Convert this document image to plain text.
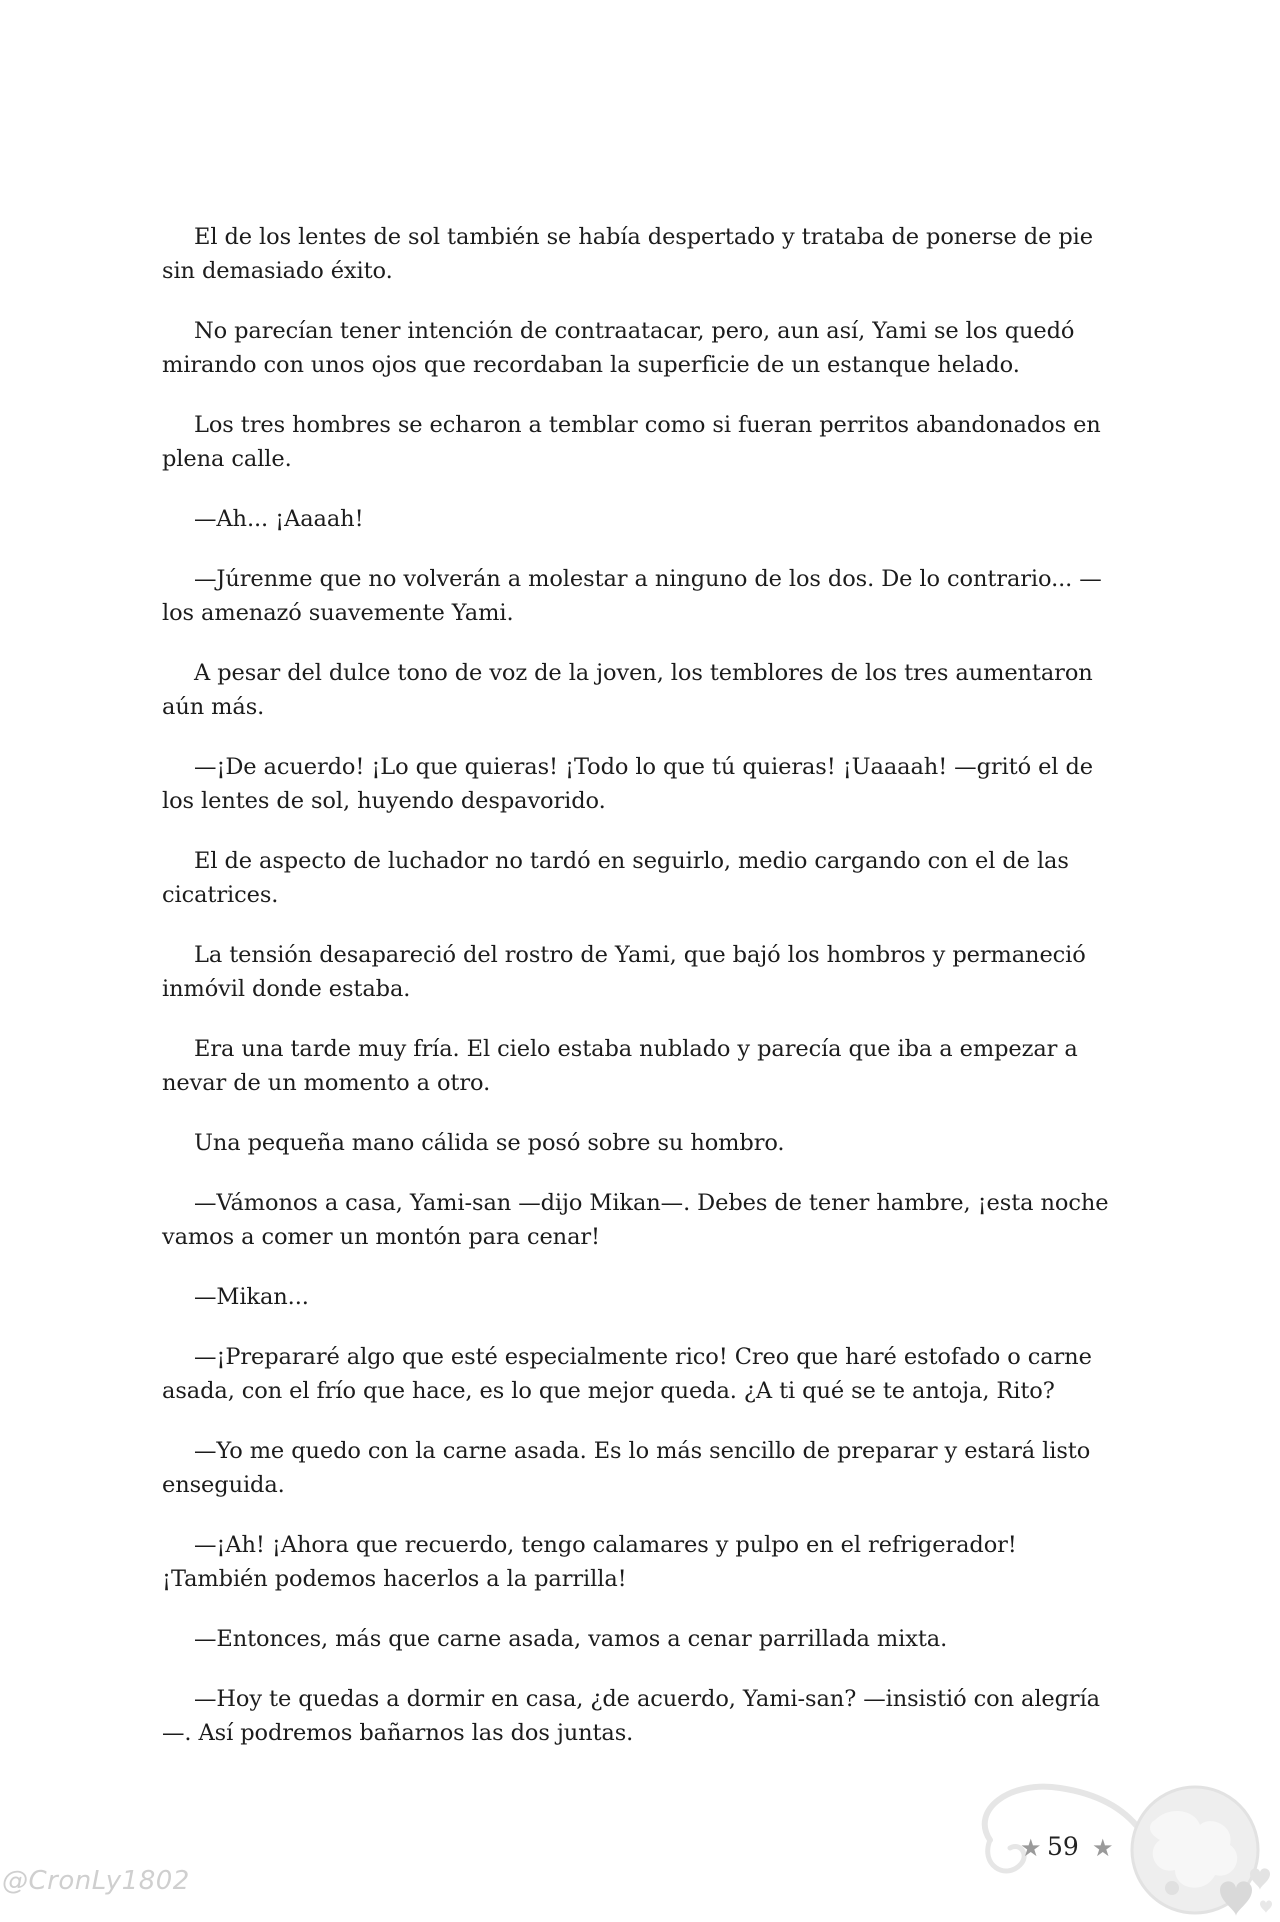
El de los lentes de sol también se había despertado y trataba de ponerse de pie sin demasiado éxito.

No parecían tener intención de contraatacar, pero, aun así, Yami se los quedó mirando con unos ojos que recordaban la superficie de un estanque helado.

Los tres hombres se echaron a temblar como si fueran perritos abandonados en plena calle.

—Ah... ¡Aaaah!

—Júrenme que no volverán a molestar a ninguno de los dos. De lo contrario... —los amenazó suavemente Yami.

A pesar del dulce tono de voz de la joven, los temblores de los tres aumentaron aún más.

—¡De acuerdo! ¡Lo que quieras! ¡Todo lo que tú quieras! ¡Uaaaah! —gritó el de los lentes de sol, huyendo despavorido.

El de aspecto de luchador no tardó en seguirlo, medio cargando con el de las cicatrices.

La tensión desapareció del rostro de Yami, que bajó los hombros y permaneció inmóvil donde estaba.

Era una tarde muy fría. El cielo estaba nublado y parecía que iba a empezar a nevar de un momento a otro.

Una pequeña mano cálida se posó sobre su hombro.

—Vámonos a casa, Yami-san —dijo Mikan—. Debes de tener hambre, ¡esta noche vamos a comer un montón para cenar!

—Mikan...

—¡Prepararé algo que esté especialmente rico! Creo que haré estofado o carne asada, con el frío que hace, es lo que mejor queda. ¿A ti qué se te antoja, Rito?

—Yo me quedo con la carne asada. Es lo más sencillo de preparar y estará listo enseguida.

—¡Ah! ¡Ahora que recuerdo, tengo calamares y pulpo en el refrigerador! ¡También podemos hacerlos a la parrilla!

—Entonces, más que carne asada, vamos a cenar parrillada mixta.

—Hoy te quedas a dormir en casa, ¿de acuerdo, Yami-san? —insistió con alegría—. Así podremos bañarnos las dos juntas.

★ 59 ★
@CronLy1802
